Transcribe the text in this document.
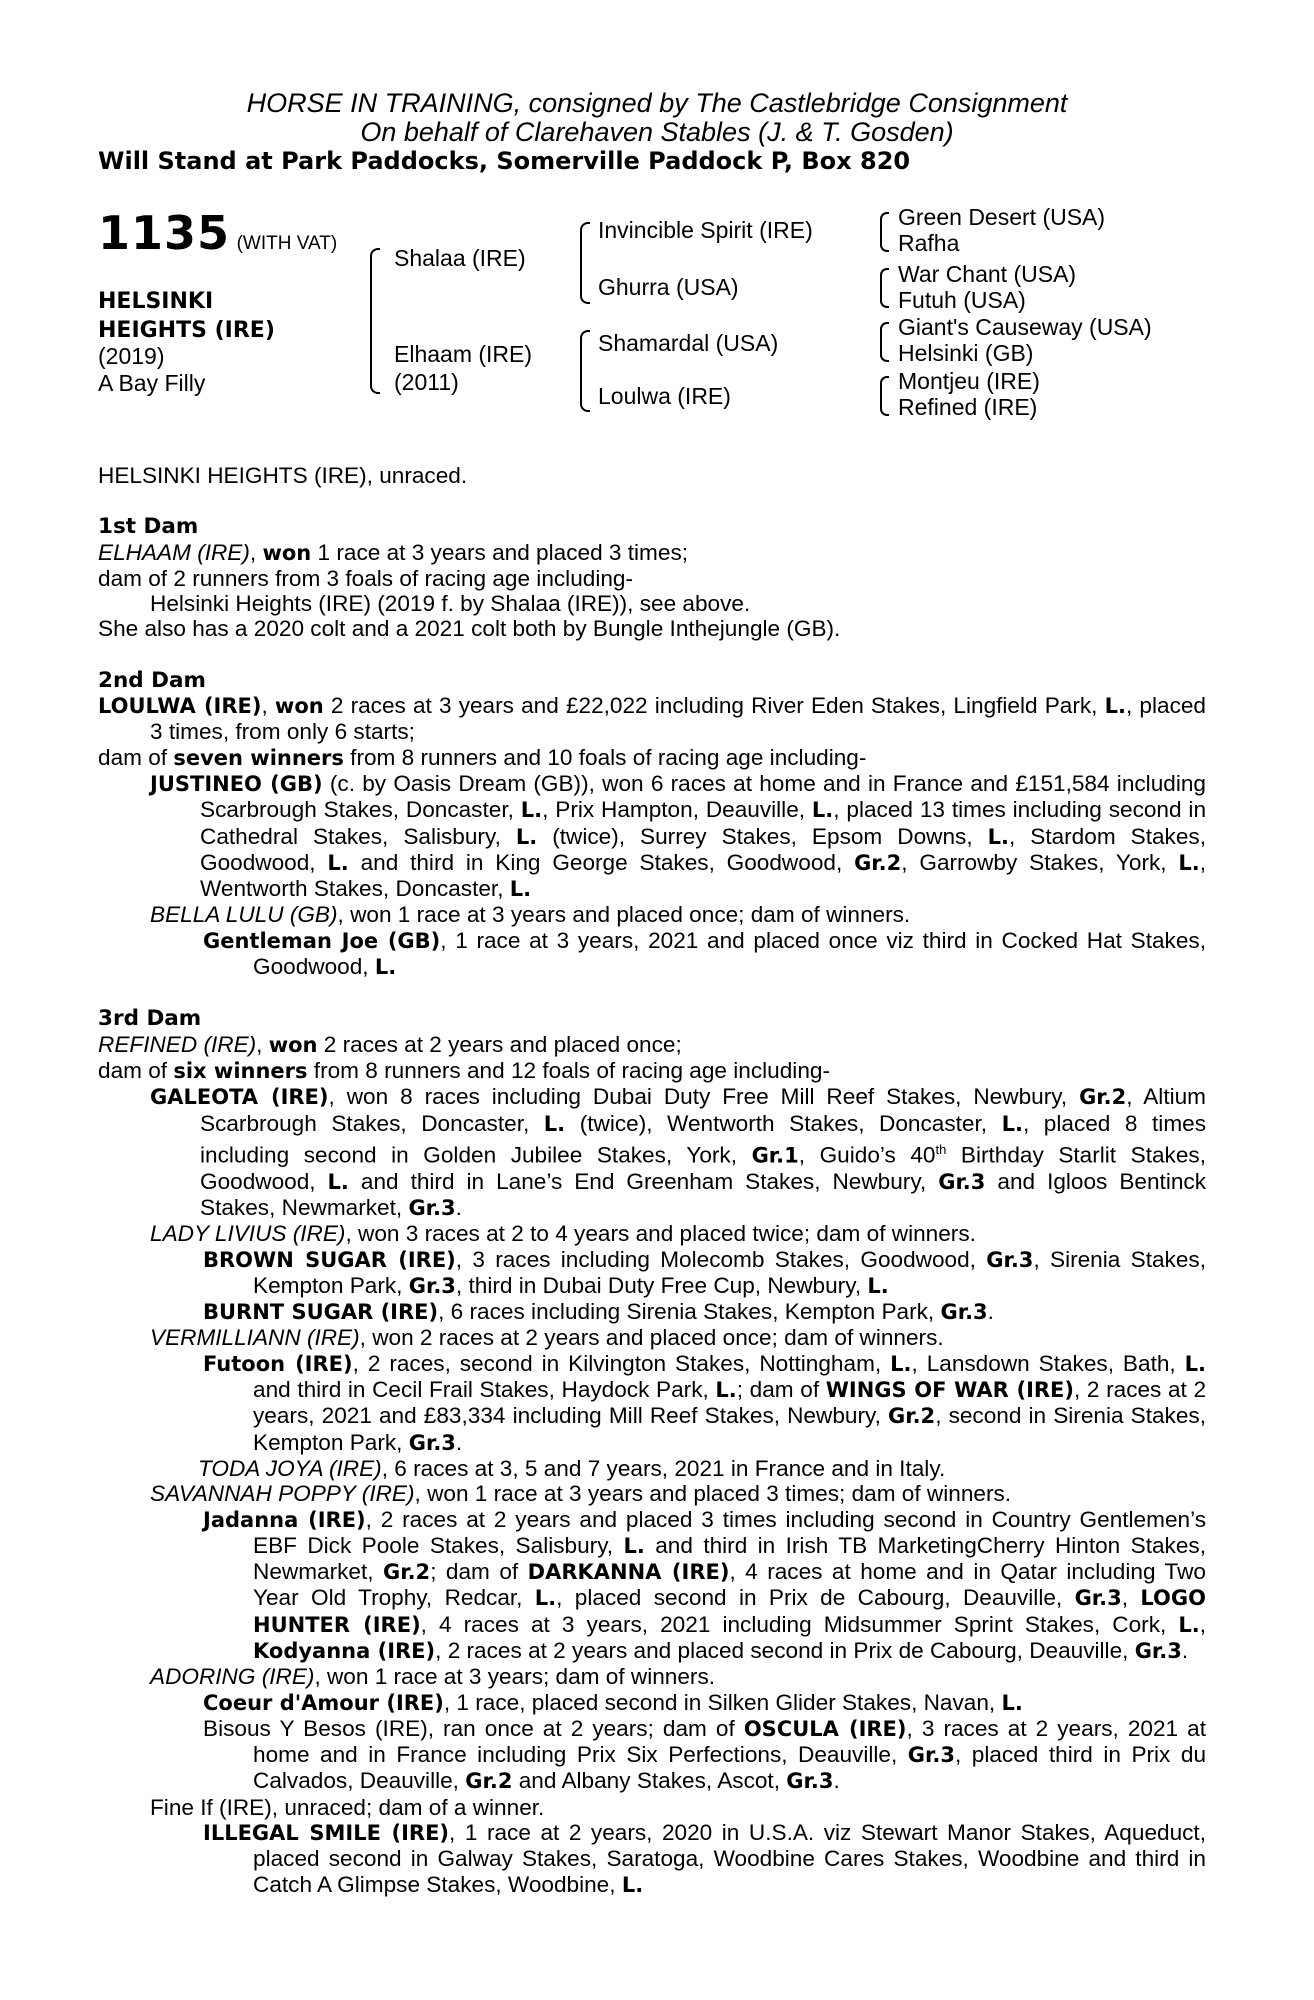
HORSE IN TRAINING, consigned by The Castlebridge Consignment
On behalf of Clarehaven Stables (J. & T. Gosden)
Will Stand at Park Paddocks, Somerville Paddock P, Box 820
1135 (WITH VAT)
HELSINKI
HEIGHTS (IRE)
(2019)
A Bay Filly
Shalaa (IRE)
Elhaam (IRE)
(2011)
Invincible Spirit (IRE)
Ghurra (USA)
Shamardal (USA)
Loulwa (IRE)
Green Desert (USA)
Rafha
War Chant (USA)
Futuh (USA)
Giant's Causeway (USA)
Helsinki (GB)
Montjeu (IRE)
Refined (IRE)

HELSINKI HEIGHTS (IRE), unraced.

1st Dam

ELHAAM (IRE), won 1 race at 3 years and placed 3 times;

dam of 2 runners from 3 foals of racing age including-

Helsinki Heights (IRE) (2019 f. by Shalaa (IRE)), see above.

She also has a 2020 colt and a 2021 colt both by Bungle Inthejungle (GB).

2nd Dam

LOULWA (IRE), won 2 races at 3 years and £22,022 including River Eden Stakes, Lingfield Park, L., placed 3 times, from only 6 starts;

dam of seven winners from 8 runners and 10 foals of racing age including-

JUSTINEO (GB) (c. by Oasis Dream (GB)), won 6 races at home and in France and £151,584 including Scarbrough Stakes, Doncaster, L., Prix Hampton, Deauville, L., placed 13 times including second in Cathedral Stakes, Salisbury, L. (twice), Surrey Stakes, Epsom Downs, L., Stardom Stakes, Goodwood, L. and third in King George Stakes, Goodwood, Gr.2, Garrowby Stakes, York, L., Wentworth Stakes, Doncaster, L.

BELLA LULU (GB), won 1 race at 3 years and placed once; dam of winners.

Gentleman Joe (GB), 1 race at 3 years, 2021 and placed once viz third in Cocked Hat Stakes, Goodwood, L.

3rd Dam

REFINED (IRE), won 2 races at 2 years and placed once;

dam of six winners from 8 runners and 12 foals of racing age including-

GALEOTA (IRE), won 8 races including Dubai Duty Free Mill Reef Stakes, Newbury, Gr.2, Altium Scarbrough Stakes, Doncaster, L. (twice), Wentworth Stakes, Doncaster, L., placed 8 times including second in Golden Jubilee Stakes, York, Gr.1, Guido’s 40th Birthday Starlit Stakes, Goodwood, L. and third in Lane’s End Greenham Stakes, Newbury, Gr.3 and Igloos Bentinck Stakes, Newmarket, Gr.3.

LADY LIVIUS (IRE), won 3 races at 2 to 4 years and placed twice; dam of winners.

BROWN SUGAR (IRE), 3 races including Molecomb Stakes, Goodwood, Gr.3, Sirenia Stakes, Kempton Park, Gr.3, third in Dubai Duty Free Cup, Newbury, L.

BURNT SUGAR (IRE), 6 races including Sirenia Stakes, Kempton Park, Gr.3.

VERMILLIANN (IRE), won 2 races at 2 years and placed once; dam of winners.

Futoon (IRE), 2 races, second in Kilvington Stakes, Nottingham, L., Lansdown Stakes, Bath, L. and third in Cecil Frail Stakes, Haydock Park, L.; dam of WINGS OF WAR (IRE), 2 races at 2 years, 2021 and £83,334 including Mill Reef Stakes, Newbury, Gr.2, second in Sirenia Stakes, Kempton Park, Gr.3.

TODA JOYA (IRE), 6 races at 3, 5 and 7 years, 2021 in France and in Italy.

SAVANNAH POPPY (IRE), won 1 race at 3 years and placed 3 times; dam of winners.

Jadanna (IRE), 2 races at 2 years and placed 3 times including second in Country Gentlemen’s EBF Dick Poole Stakes, Salisbury, L. and third in Irish TB MarketingCherry Hinton Stakes, Newmarket, Gr.2; dam of DARKANNA (IRE), 4 races at home and in Qatar including Two Year Old Trophy, Redcar, L., placed second in Prix de Cabourg, Deauville, Gr.3, LOGO HUNTER (IRE), 4 races at 3 years, 2021 including Midsummer Sprint Stakes, Cork, L., Kodyanna (IRE), 2 races at 2 years and placed second in Prix de Cabourg, Deauville, Gr.3.

ADORING (IRE), won 1 race at 3 years; dam of winners.

Coeur d'Amour (IRE), 1 race, placed second in Silken Glider Stakes, Navan, L.

Bisous Y Besos (IRE), ran once at 2 years; dam of OSCULA (IRE), 3 races at 2 years, 2021 at home and in France including Prix Six Perfections, Deauville, Gr.3, placed third in Prix du Calvados, Deauville, Gr.2 and Albany Stakes, Ascot, Gr.3.

Fine If (IRE), unraced; dam of a winner.

ILLEGAL SMILE (IRE), 1 race at 2 years, 2020 in U.S.A. viz Stewart Manor Stakes, Aqueduct, placed second in Galway Stakes, Saratoga, Woodbine Cares Stakes, Woodbine and third in Catch A Glimpse Stakes, Woodbine, L.
